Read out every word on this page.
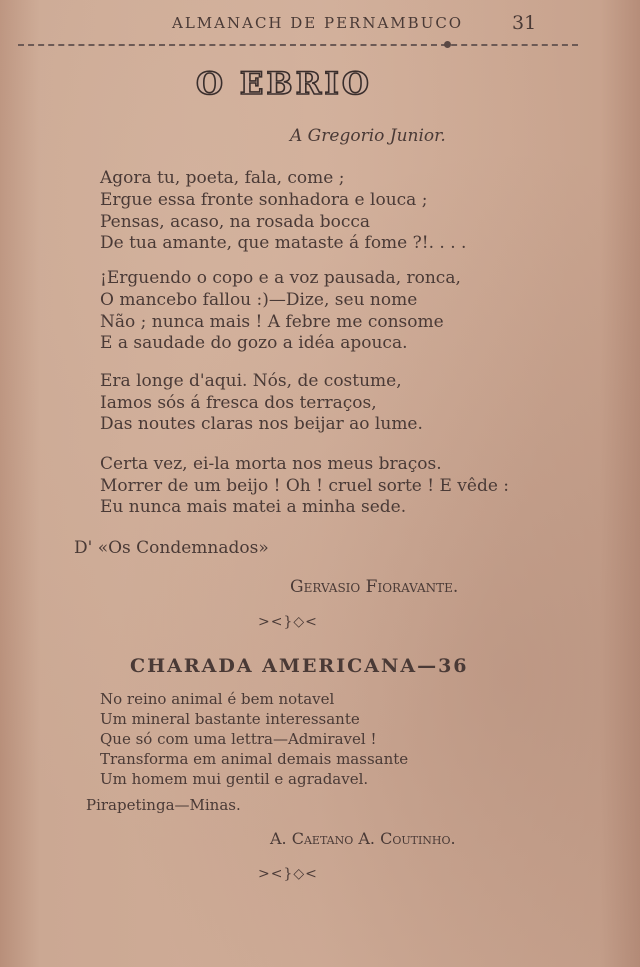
ALMANACH DE PERNAMBUCO	31
O EBRIO
A Gregorio Junior.
Agora tu, poeta, fala, come ;
Ergue essa fronte sonhadora e louca ;
Pensas, acaso, na rosada bocca
De tua amante, que mataste á fome ?!. . . .
¡Erguendo o copo e a voz pausada, ronca,
O mancebo fallou :)—Dize, seu nome
Não ; nunca mais ! A febre me consome
E a saudade do gozo a idéa apouca.
Era longe d'aqui. Nós, de costume,
Iamos sós á fresca dos terraços,
Das noutes claras nos beijar ao lume.
Certa vez, ei-la morta nos meus braços.
Morrer de um beijo ! Oh ! cruel sorte ! E vêde :
Eu nunca mais matei a minha sede.
D' «Os Condemnados»
Gervasio Fioravante.
><}◇<
CHARADA AMERICANA—36
No reino animal é bem notavel
Um mineral bastante interessante
Que só com uma lettra—Admiravel !
Transforma em animal demais massante
Um homem mui gentil e agradavel.
Pirapetinga—Minas.
A. Caetano A. Coutinho.
><}◇<
